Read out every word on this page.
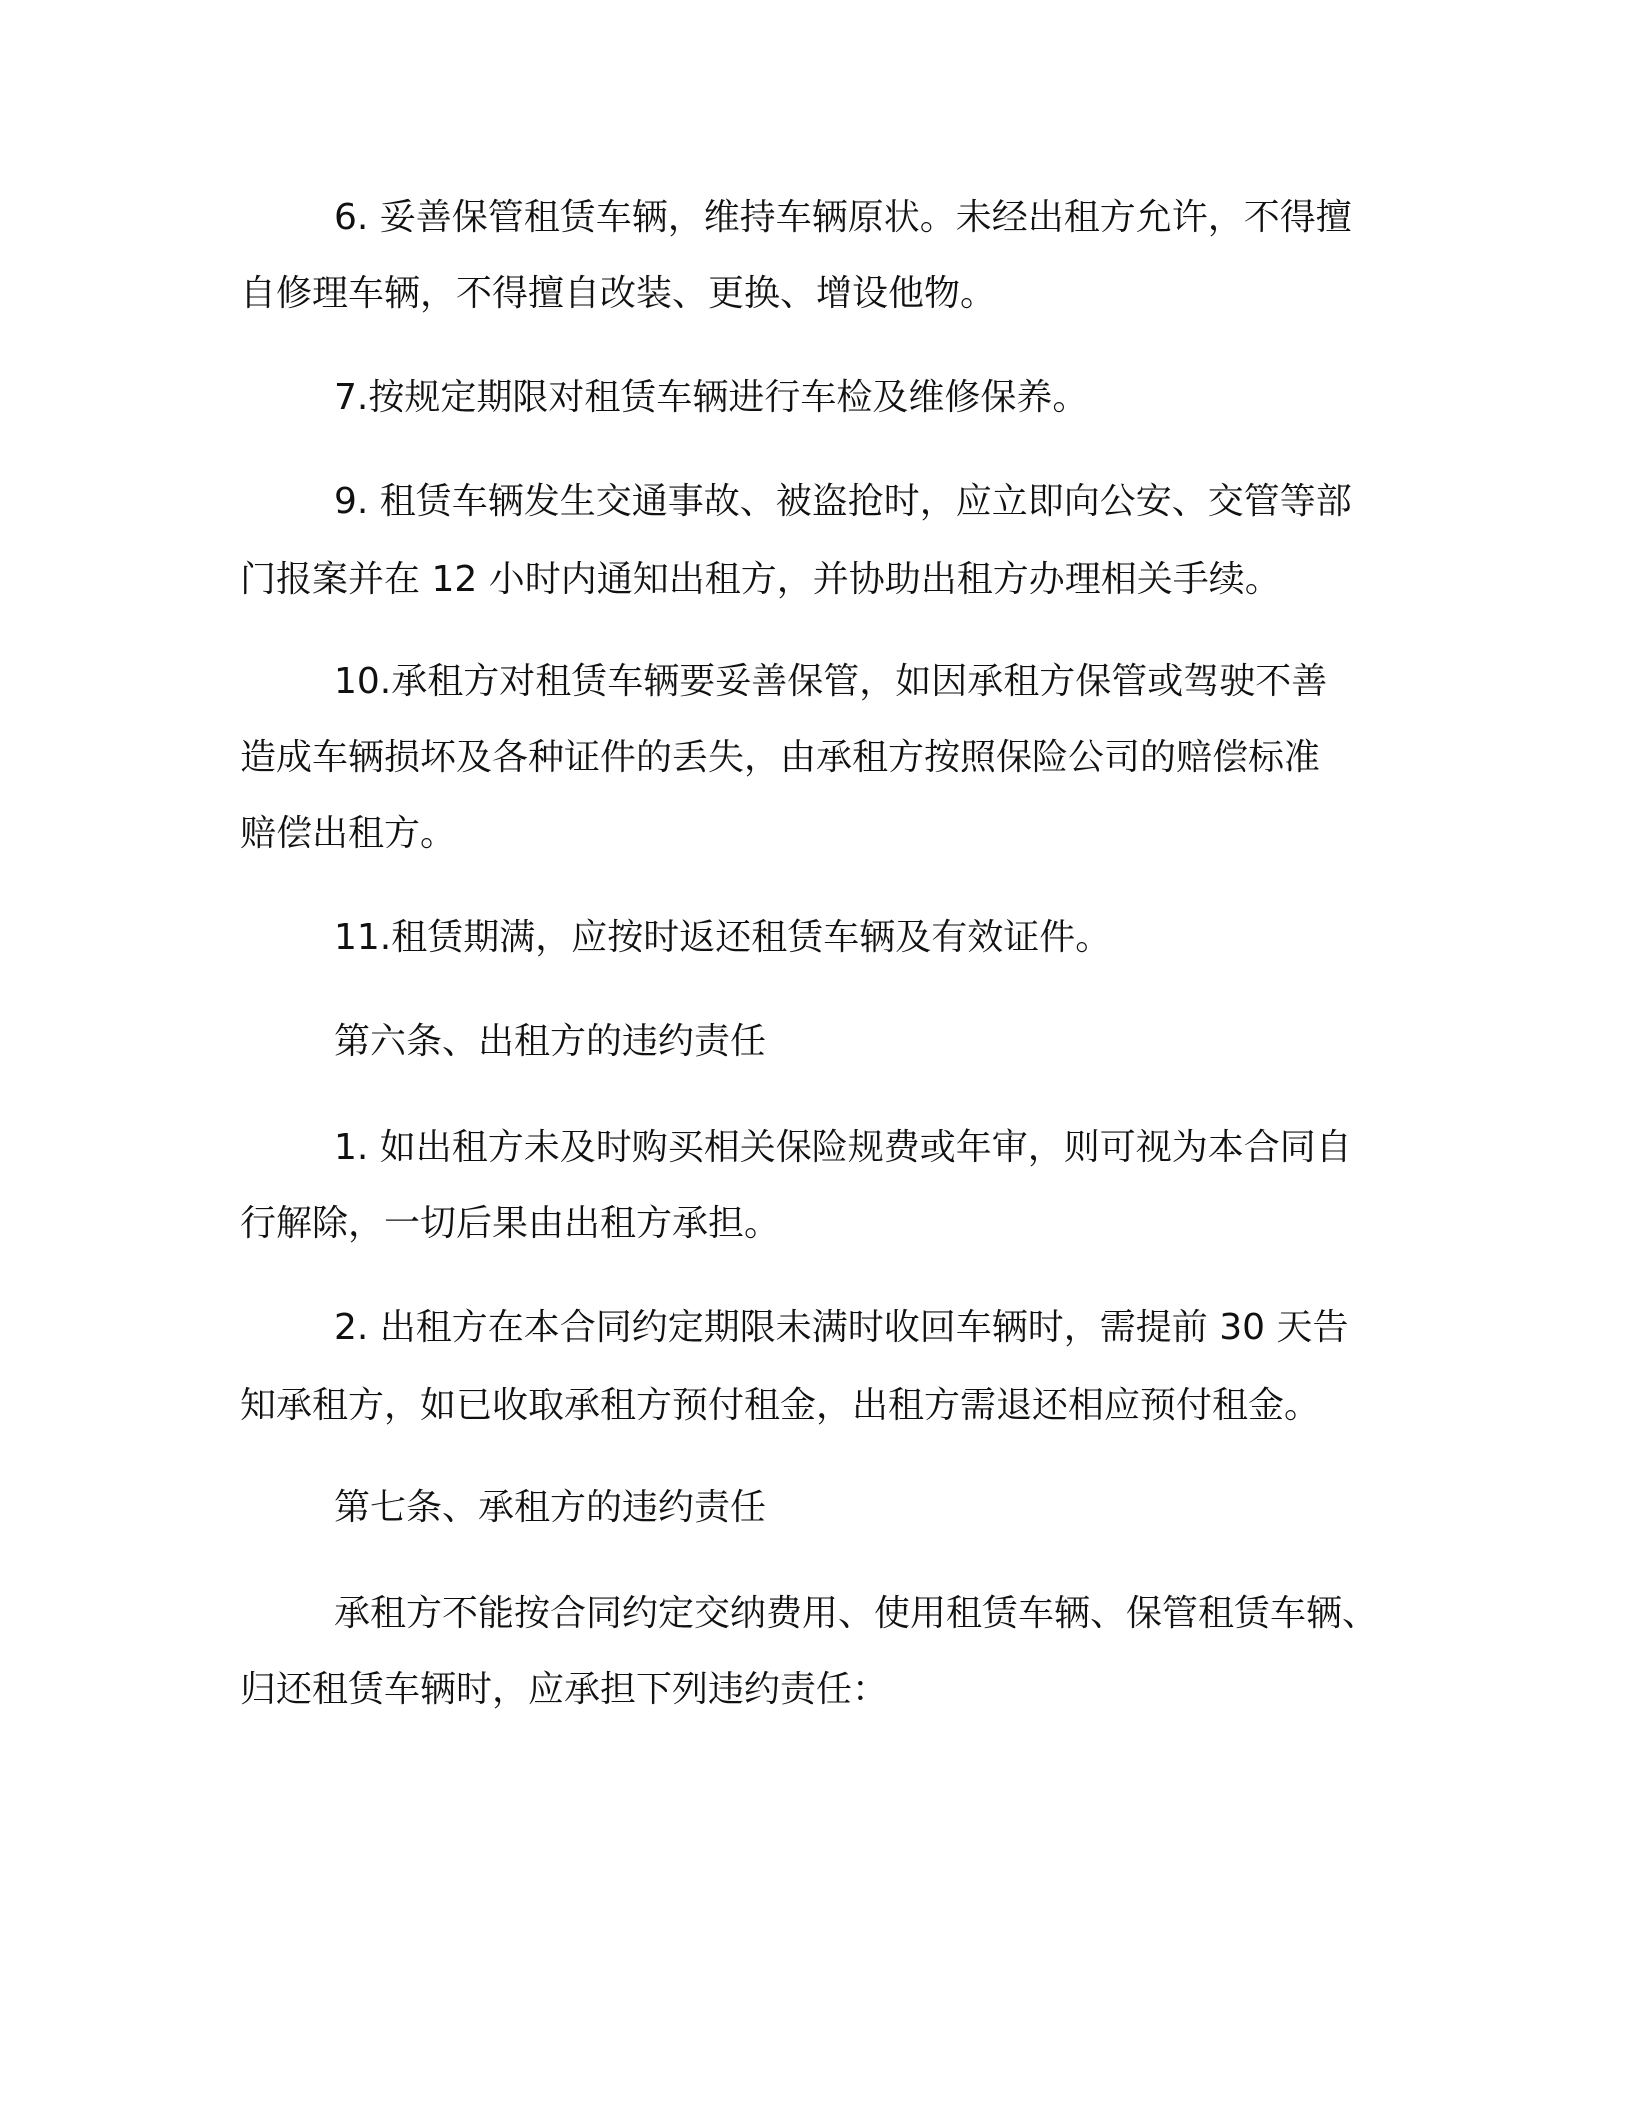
6. 妥善保管租赁车辆，维持车辆原状。未经出租方允许，不得擅
自修理车辆，不得擅自改装、更换、增设他物。
7.按规定期限对租赁车辆进行车检及维修保养。
9. 租赁车辆发生交通事故、被盗抢时，应立即向公安、交管等部
门报案并在 12 小时内通知出租方，并协助出租方办理相关手续。
10.承租方对租赁车辆要妥善保管，如因承租方保管或驾驶不善
造成车辆损坏及各种证件的丢失，由承租方按照保险公司的赔偿标准
赔偿出租方。
11.租赁期满，应按时返还租赁车辆及有效证件。
第六条、出租方的违约责任
1. 如出租方未及时购买相关保险规费或年审，则可视为本合同自
行解除，一切后果由出租方承担。
2. 出租方在本合同约定期限未满时收回车辆时，需提前 30 天告
知承租方，如已收取承租方预付租金，出租方需退还相应预付租金。
第七条、承租方的违约责任
承租方不能按合同约定交纳费用、使用租赁车辆、保管租赁车辆、
归还租赁车辆时，应承担下列违约责任：
